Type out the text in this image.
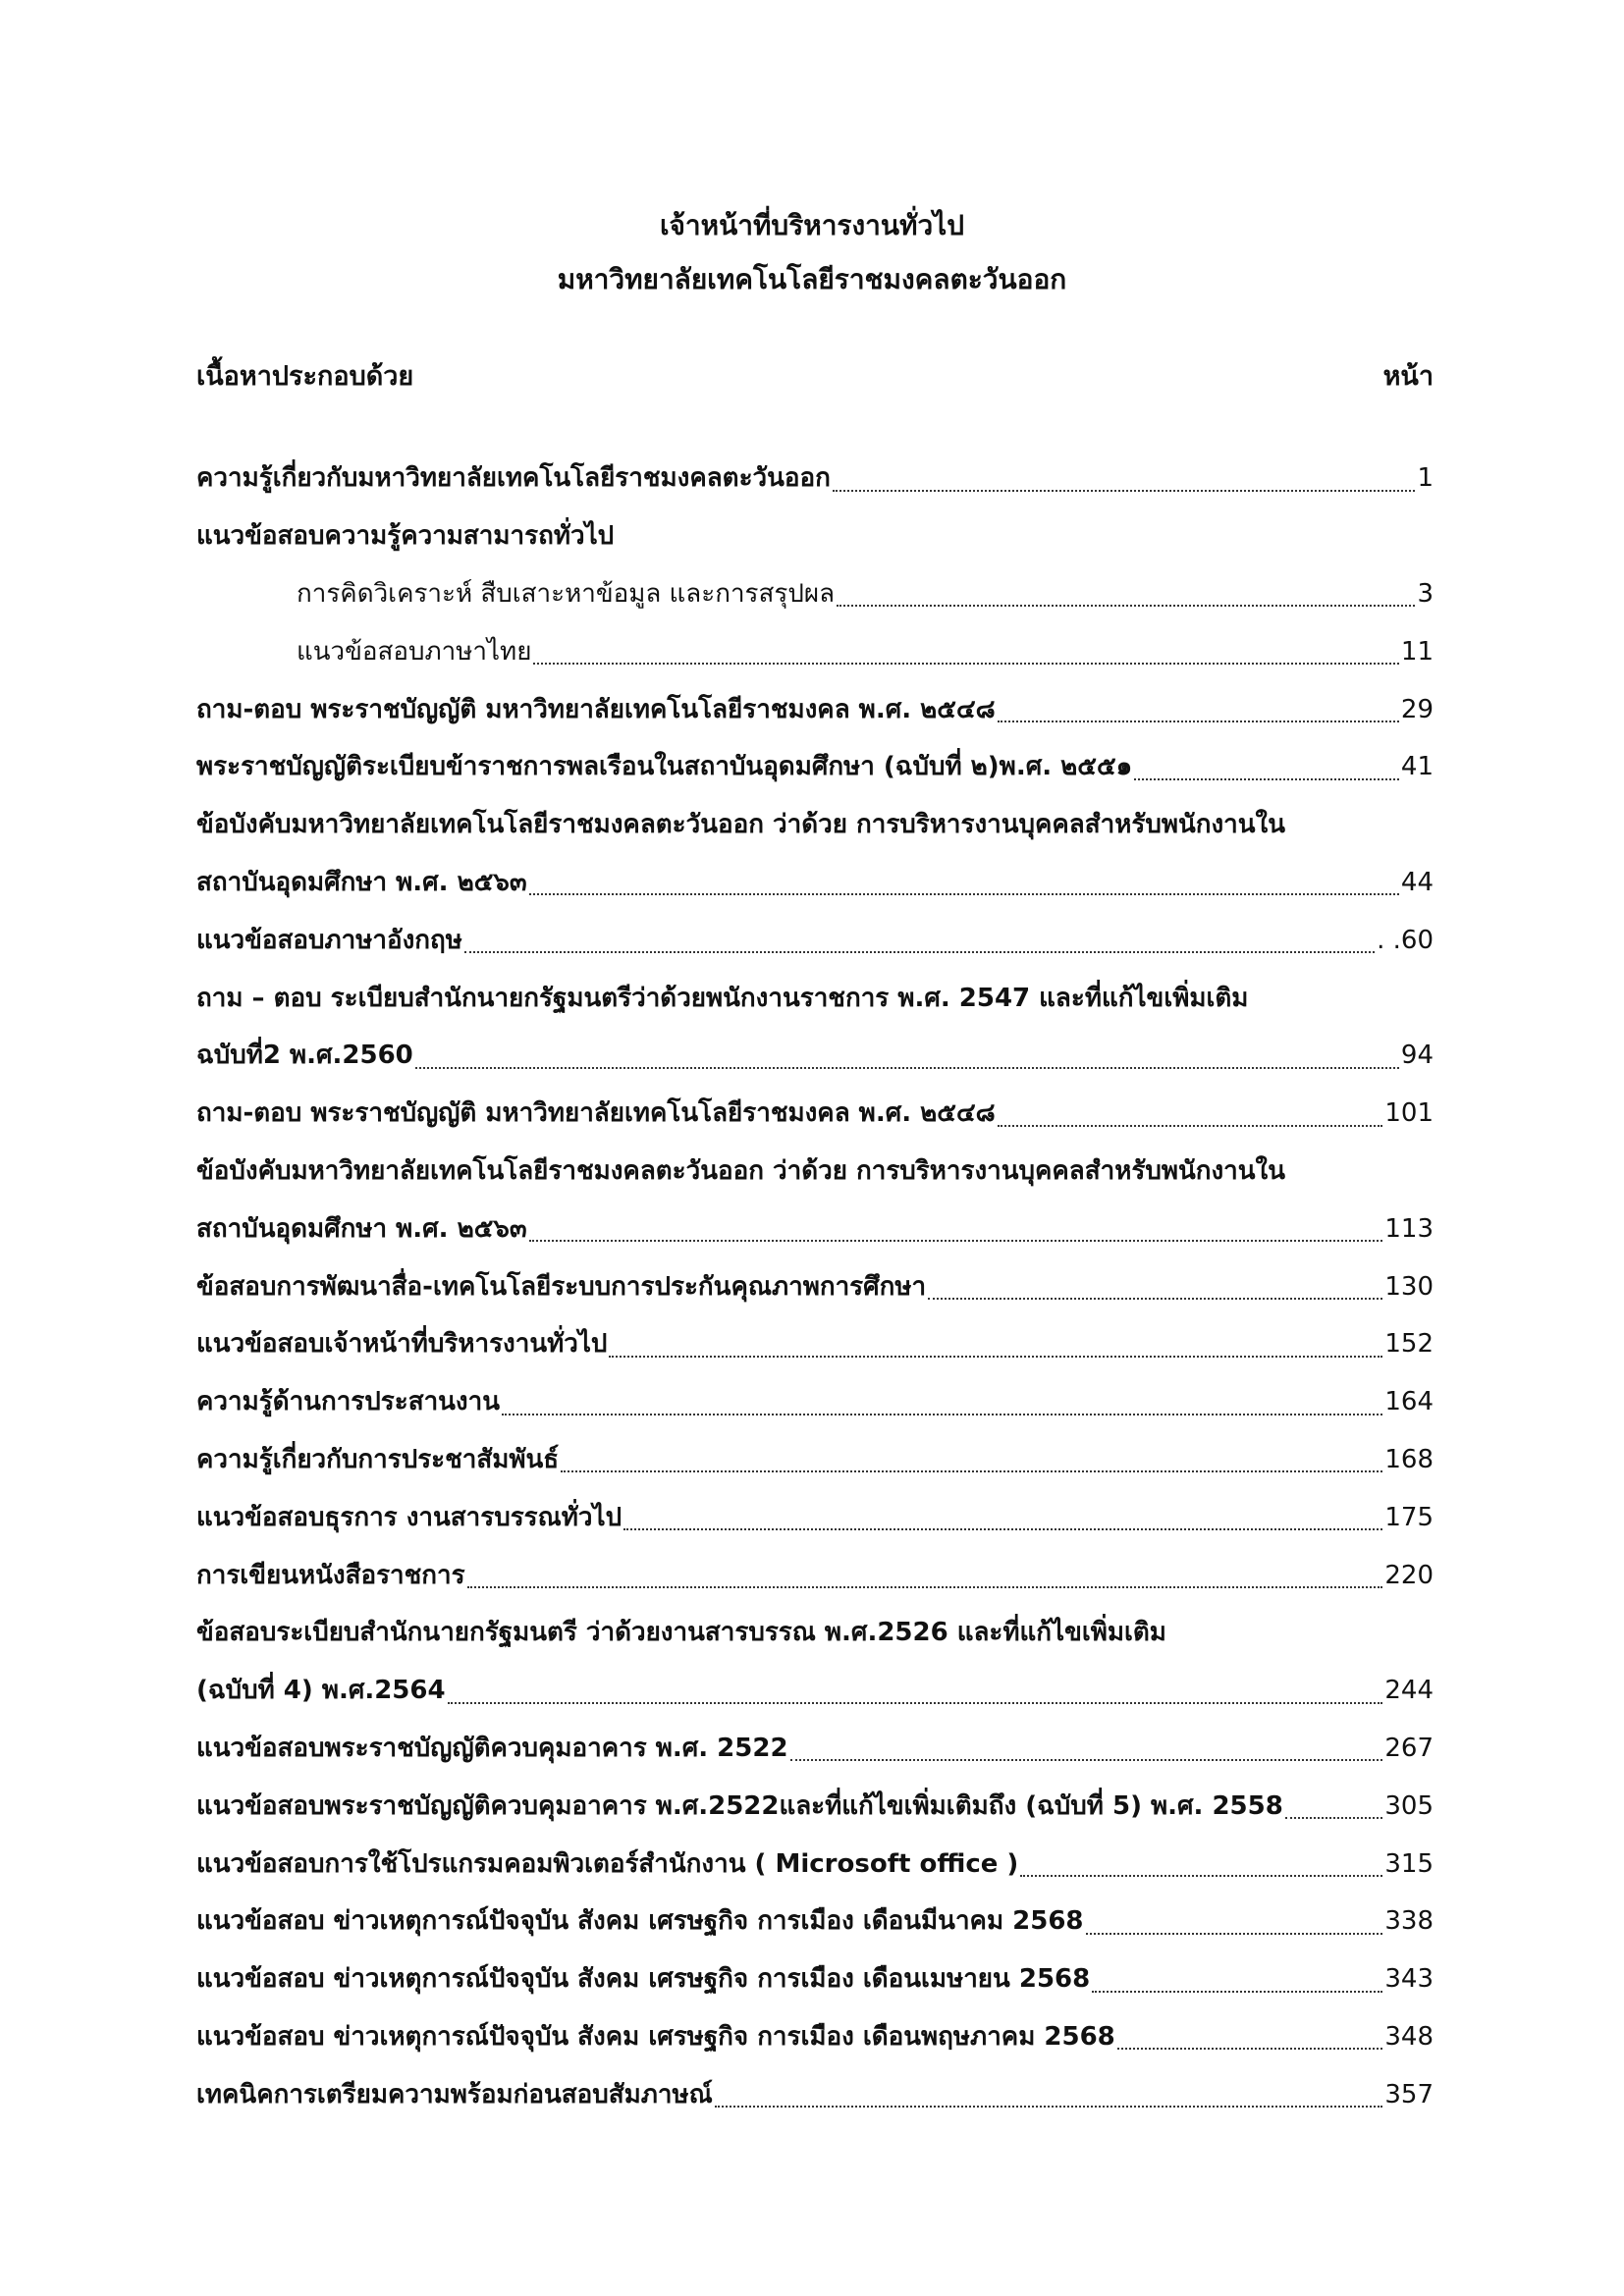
เจ้าหน้าที่บริหารงานทั่วไป
มหาวิทยาลัยเทคโนโลยีราชมงคลตะวันออก
เนื้อหาประกอบด้วย	หน้า
ความรู้เกี่ยวกับมหาวิทยาลัยเทคโนโลยีราชมงคลตะวันออก	1
แนวข้อสอบความรู้ความสามารถทั่วไป
การคิดวิเคราะห์ สืบเสาะหาข้อมูล และการสรุปผล	3
แนวข้อสอบภาษาไทย	11
ถาม-ตอบ พระราชบัญญัติ มหาวิทยาลัยเทคโนโลยีราชมงคล พ.ศ. ๒๕๔๘	29
พระราชบัญญัติระเบียบข้าราชการพลเรือนในสถาบันอุดมศึกษา (ฉบับที่ ๒)พ.ศ. ๒๕๕๑	41
ข้อบังคับมหาวิทยาลัยเทคโนโลยีราชมงคลตะวันออก ว่าด้วย การบริหารงานบุคคลสำหรับพนักงานใน
สถาบันอุดมศึกษา พ.ศ. ๒๕๖๓	44
แนวข้อสอบภาษาอังกฤษ	. .60
ถาม – ตอบ ระเบียบสำนักนายกรัฐมนตรีว่าด้วยพนักงานราชการ พ.ศ. 2547 และที่แก้ไขเพิ่มเติม
ฉบับที่2 พ.ศ.2560	94
ถาม-ตอบ พระราชบัญญัติ มหาวิทยาลัยเทคโนโลยีราชมงคล พ.ศ. ๒๕๔๘	101
ข้อบังคับมหาวิทยาลัยเทคโนโลยีราชมงคลตะวันออก ว่าด้วย การบริหารงานบุคคลสำหรับพนักงานใน
สถาบันอุดมศึกษา พ.ศ. ๒๕๖๓	113
ข้อสอบการพัฒนาสื่อ-เทคโนโลยีระบบการประกันคุณภาพการศึกษา	130
แนวข้อสอบเจ้าหน้าที่บริหารงานทั่วไป	152
ความรู้ด้านการประสานงาน	164
ความรู้เกี่ยวกับการประชาสัมพันธ์	168
แนวข้อสอบธุรการ งานสารบรรณทั่วไป	175
การเขียนหนังสือราชการ	220
ข้อสอบระเบียบสำนักนายกรัฐมนตรี ว่าด้วยงานสารบรรณ พ.ศ.2526 และที่แก้ไขเพิ่มเติม
(ฉบับที่ 4) พ.ศ.2564	244
แนวข้อสอบพระราชบัญญัติควบคุมอาคาร พ.ศ. 2522	267
แนวข้อสอบพระราชบัญญัติควบคุมอาคาร พ.ศ.2522และที่แก้ไขเพิ่มเติมถึง (ฉบับที่ 5) พ.ศ. 2558	305
แนวข้อสอบการใช้โปรแกรมคอมพิวเตอร์สำนักงาน ( Microsoft office )	315
แนวข้อสอบ ข่าวเหตุการณ์ปัจจุบัน สังคม เศรษฐกิจ การเมือง เดือนมีนาคม 2568	338
แนวข้อสอบ ข่าวเหตุการณ์ปัจจุบัน สังคม เศรษฐกิจ การเมือง เดือนเมษายน 2568	343
แนวข้อสอบ ข่าวเหตุการณ์ปัจจุบัน สังคม เศรษฐกิจ การเมือง เดือนพฤษภาคม 2568	348
เทคนิคการเตรียมความพร้อมก่อนสอบสัมภาษณ์	357
